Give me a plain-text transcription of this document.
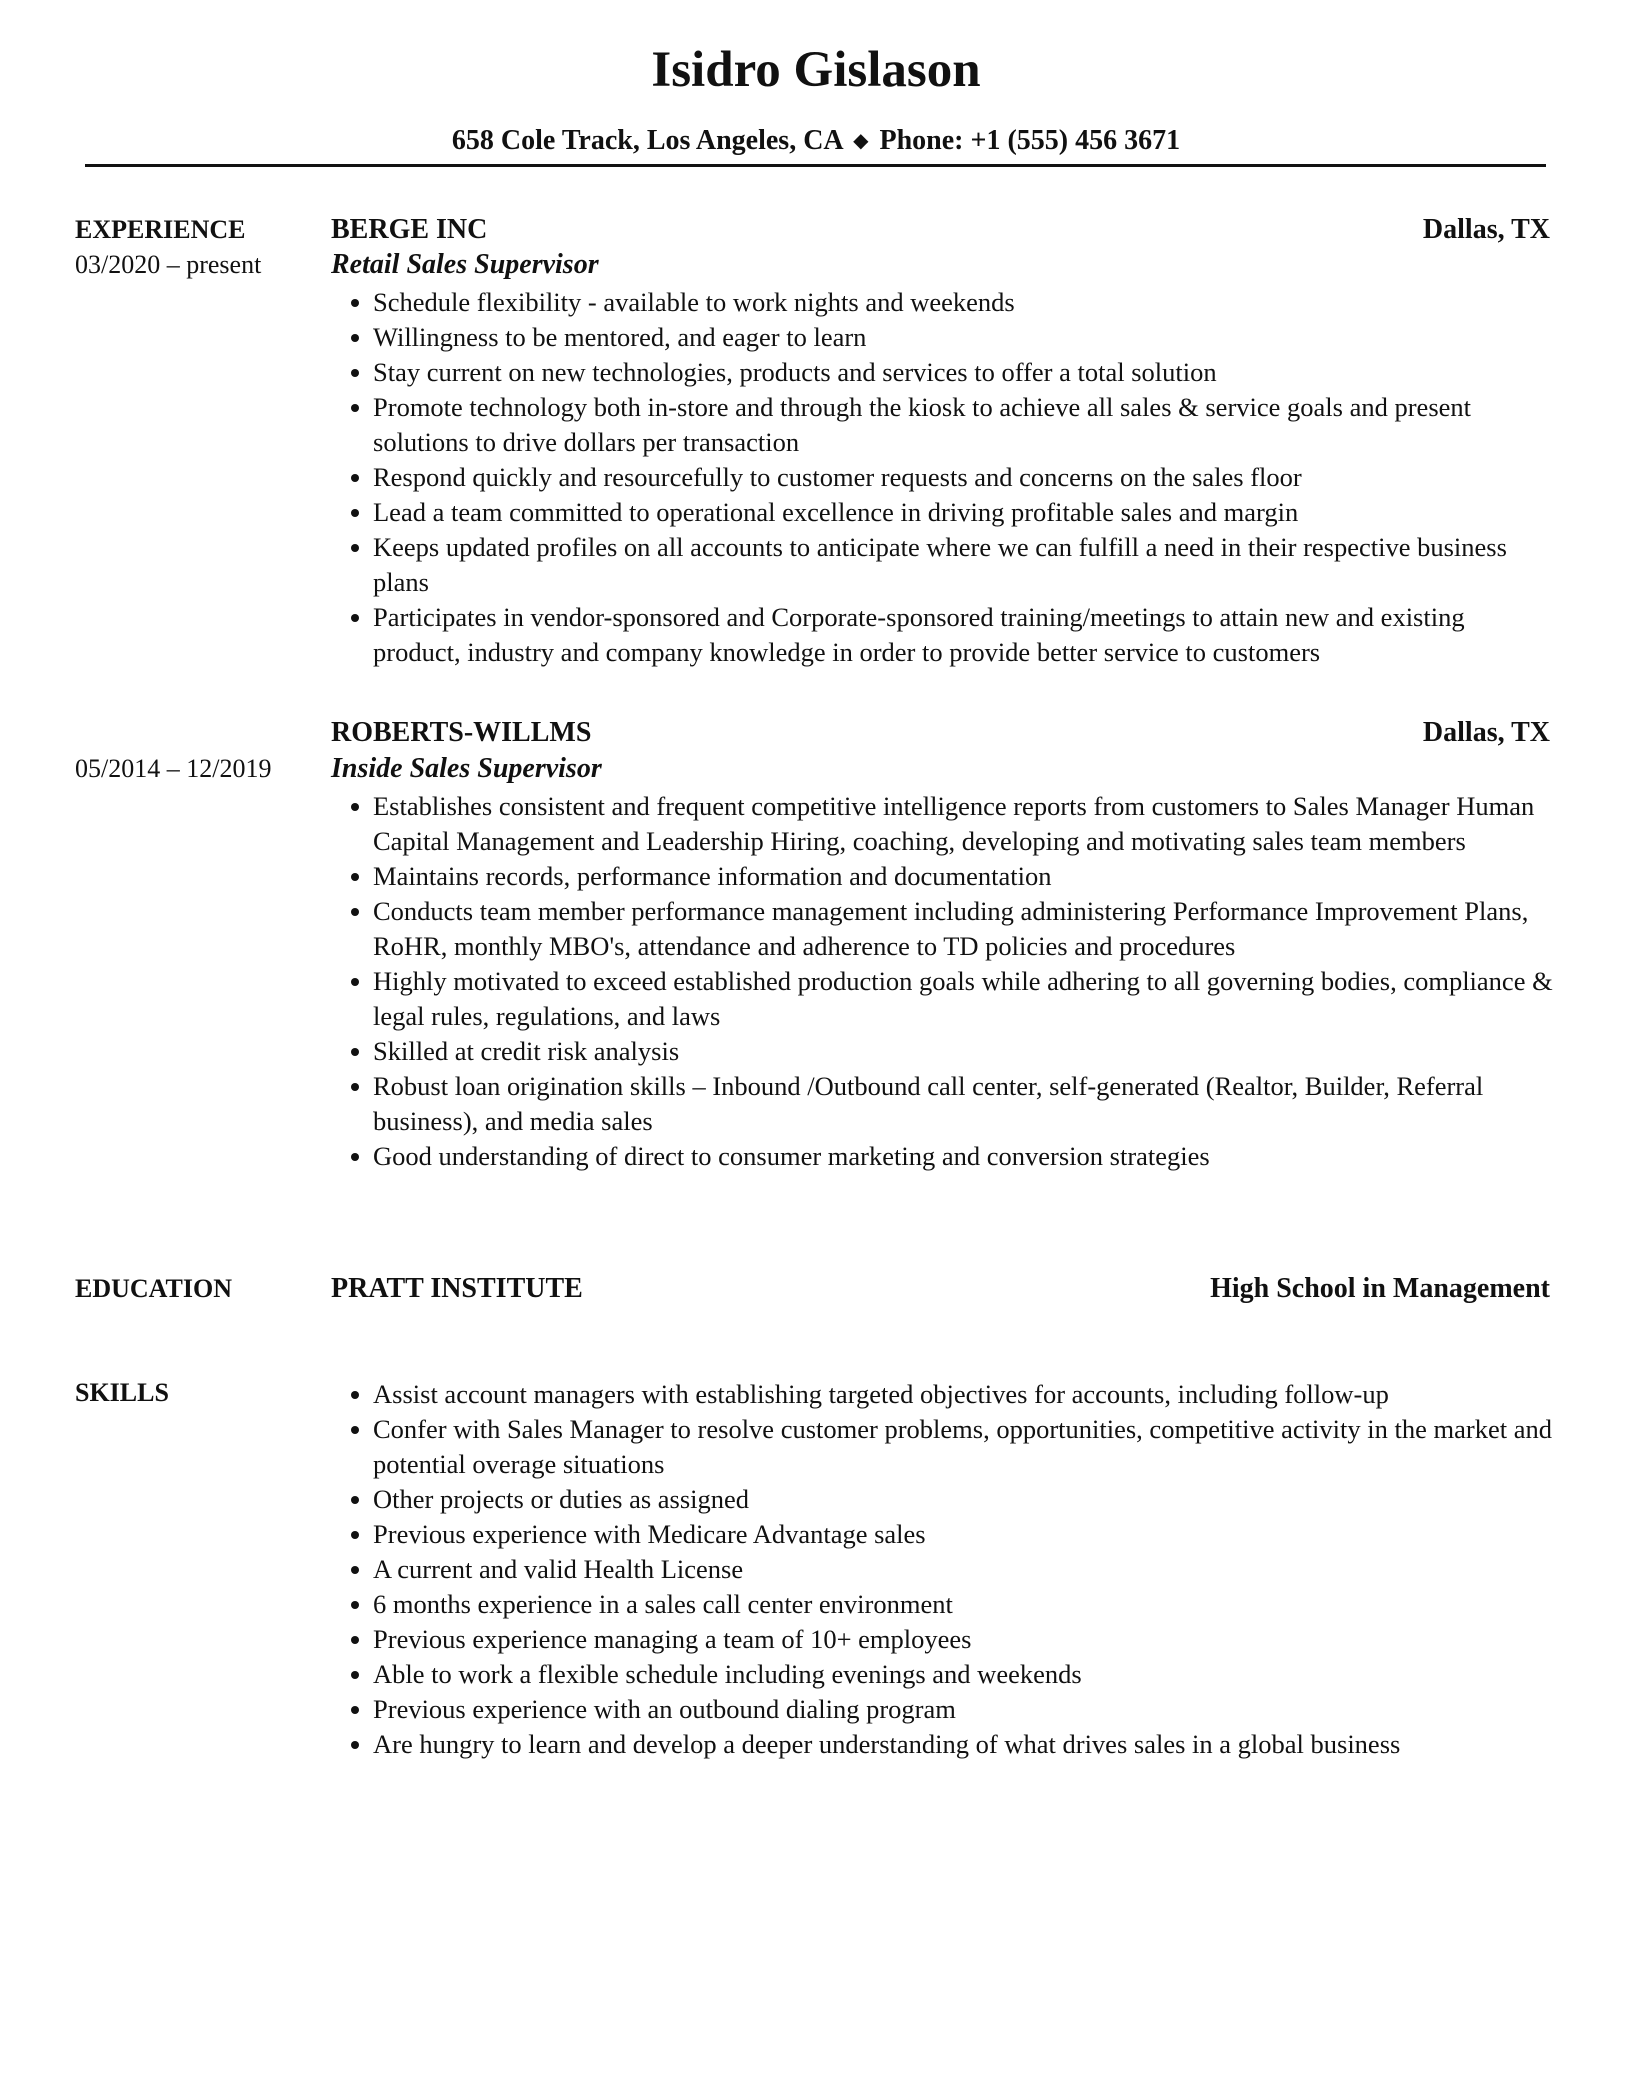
Isidro Gislason
658 Cole Track, Los Angeles, CA ◆ Phone: +1 (555) 456 3671
EXPERIENCE
03/2020 – present
BERGE INC	Dallas, TX
Retail Sales Supervisor
Schedule flexibility - available to work nights and weekends
Willingness to be mentored, and eager to learn
Stay current on new technologies, products and services to offer a total solution
Promote technology both in-store and through the kiosk to achieve all sales & service goals and present solutions to drive dollars per transaction
Respond quickly and resourcefully to customer requests and concerns on the sales floor
Lead a team committed to operational excellence in driving profitable sales and margin
Keeps updated profiles on all accounts to anticipate where we can fulfill a need in their respective business plans
Participates in vendor-sponsored and Corporate-sponsored training/meetings to attain new and existing product, industry and company knowledge in order to provide better service to customers
ROBERTS-WILLMS	Dallas, TX
05/2014 – 12/2019 Inside Sales Supervisor
Establishes consistent and frequent competitive intelligence reports from customers to Sales Manager Human Capital Management and Leadership Hiring, coaching, developing and motivating sales team members
Maintains records, performance information and documentation
Conducts team member performance management including administering Performance Improvement Plans, RoHR, monthly MBO's, attendance and adherence to TD policies and procedures
Highly motivated to exceed established production goals while adhering to all governing bodies, compliance & legal rules, regulations, and laws
Skilled at credit risk analysis
Robust loan origination skills – Inbound /Outbound call center, self-generated (Realtor, Builder, Referral business), and media sales
Good understanding of direct to consumer marketing and conversion strategies
EDUCATION	PRATT INSTITUTE	High School in Management
SKILLS	Assist account managers with establishing targeted objectives for accounts, including follow-up
Confer with Sales Manager to resolve customer problems, opportunities, competitive activity in the market and potential overage situations
Other projects or duties as assigned
Previous experience with Medicare Advantage sales
A current and valid Health License
6 months experience in a sales call center environment
Previous experience managing a team of 10+ employees
Able to work a flexible schedule including evenings and weekends
Previous experience with an outbound dialing program
Are hungry to learn and develop a deeper understanding of what drives sales in a global business
